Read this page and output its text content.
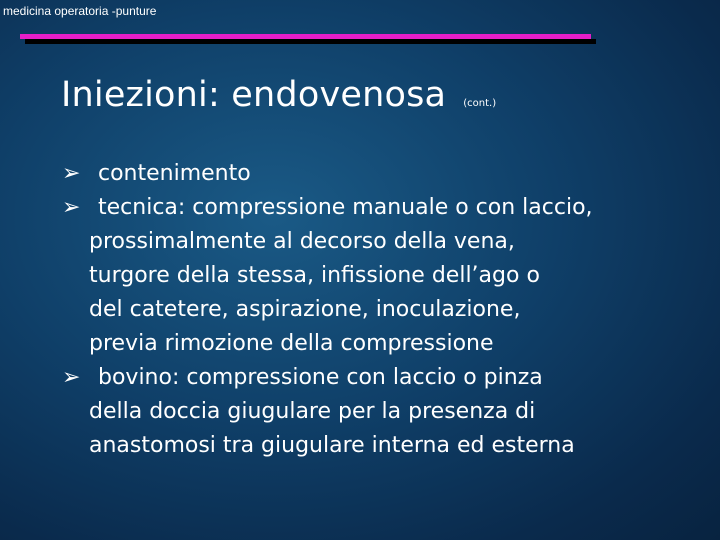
medicina operatoria -punture
Iniezioni: endovenosa (cont.)
➢ contenimento
➢ tecnica: compressione manuale o con laccio,
prossimalmente al decorso della vena,
turgore della stessa, infissione dell’ago o
del catetere, aspirazione, inoculazione,
previa rimozione della compressione
➢ bovino: compressione con laccio o pinza
della doccia giugulare per la presenza di
anastomosi tra giugulare interna ed esterna
